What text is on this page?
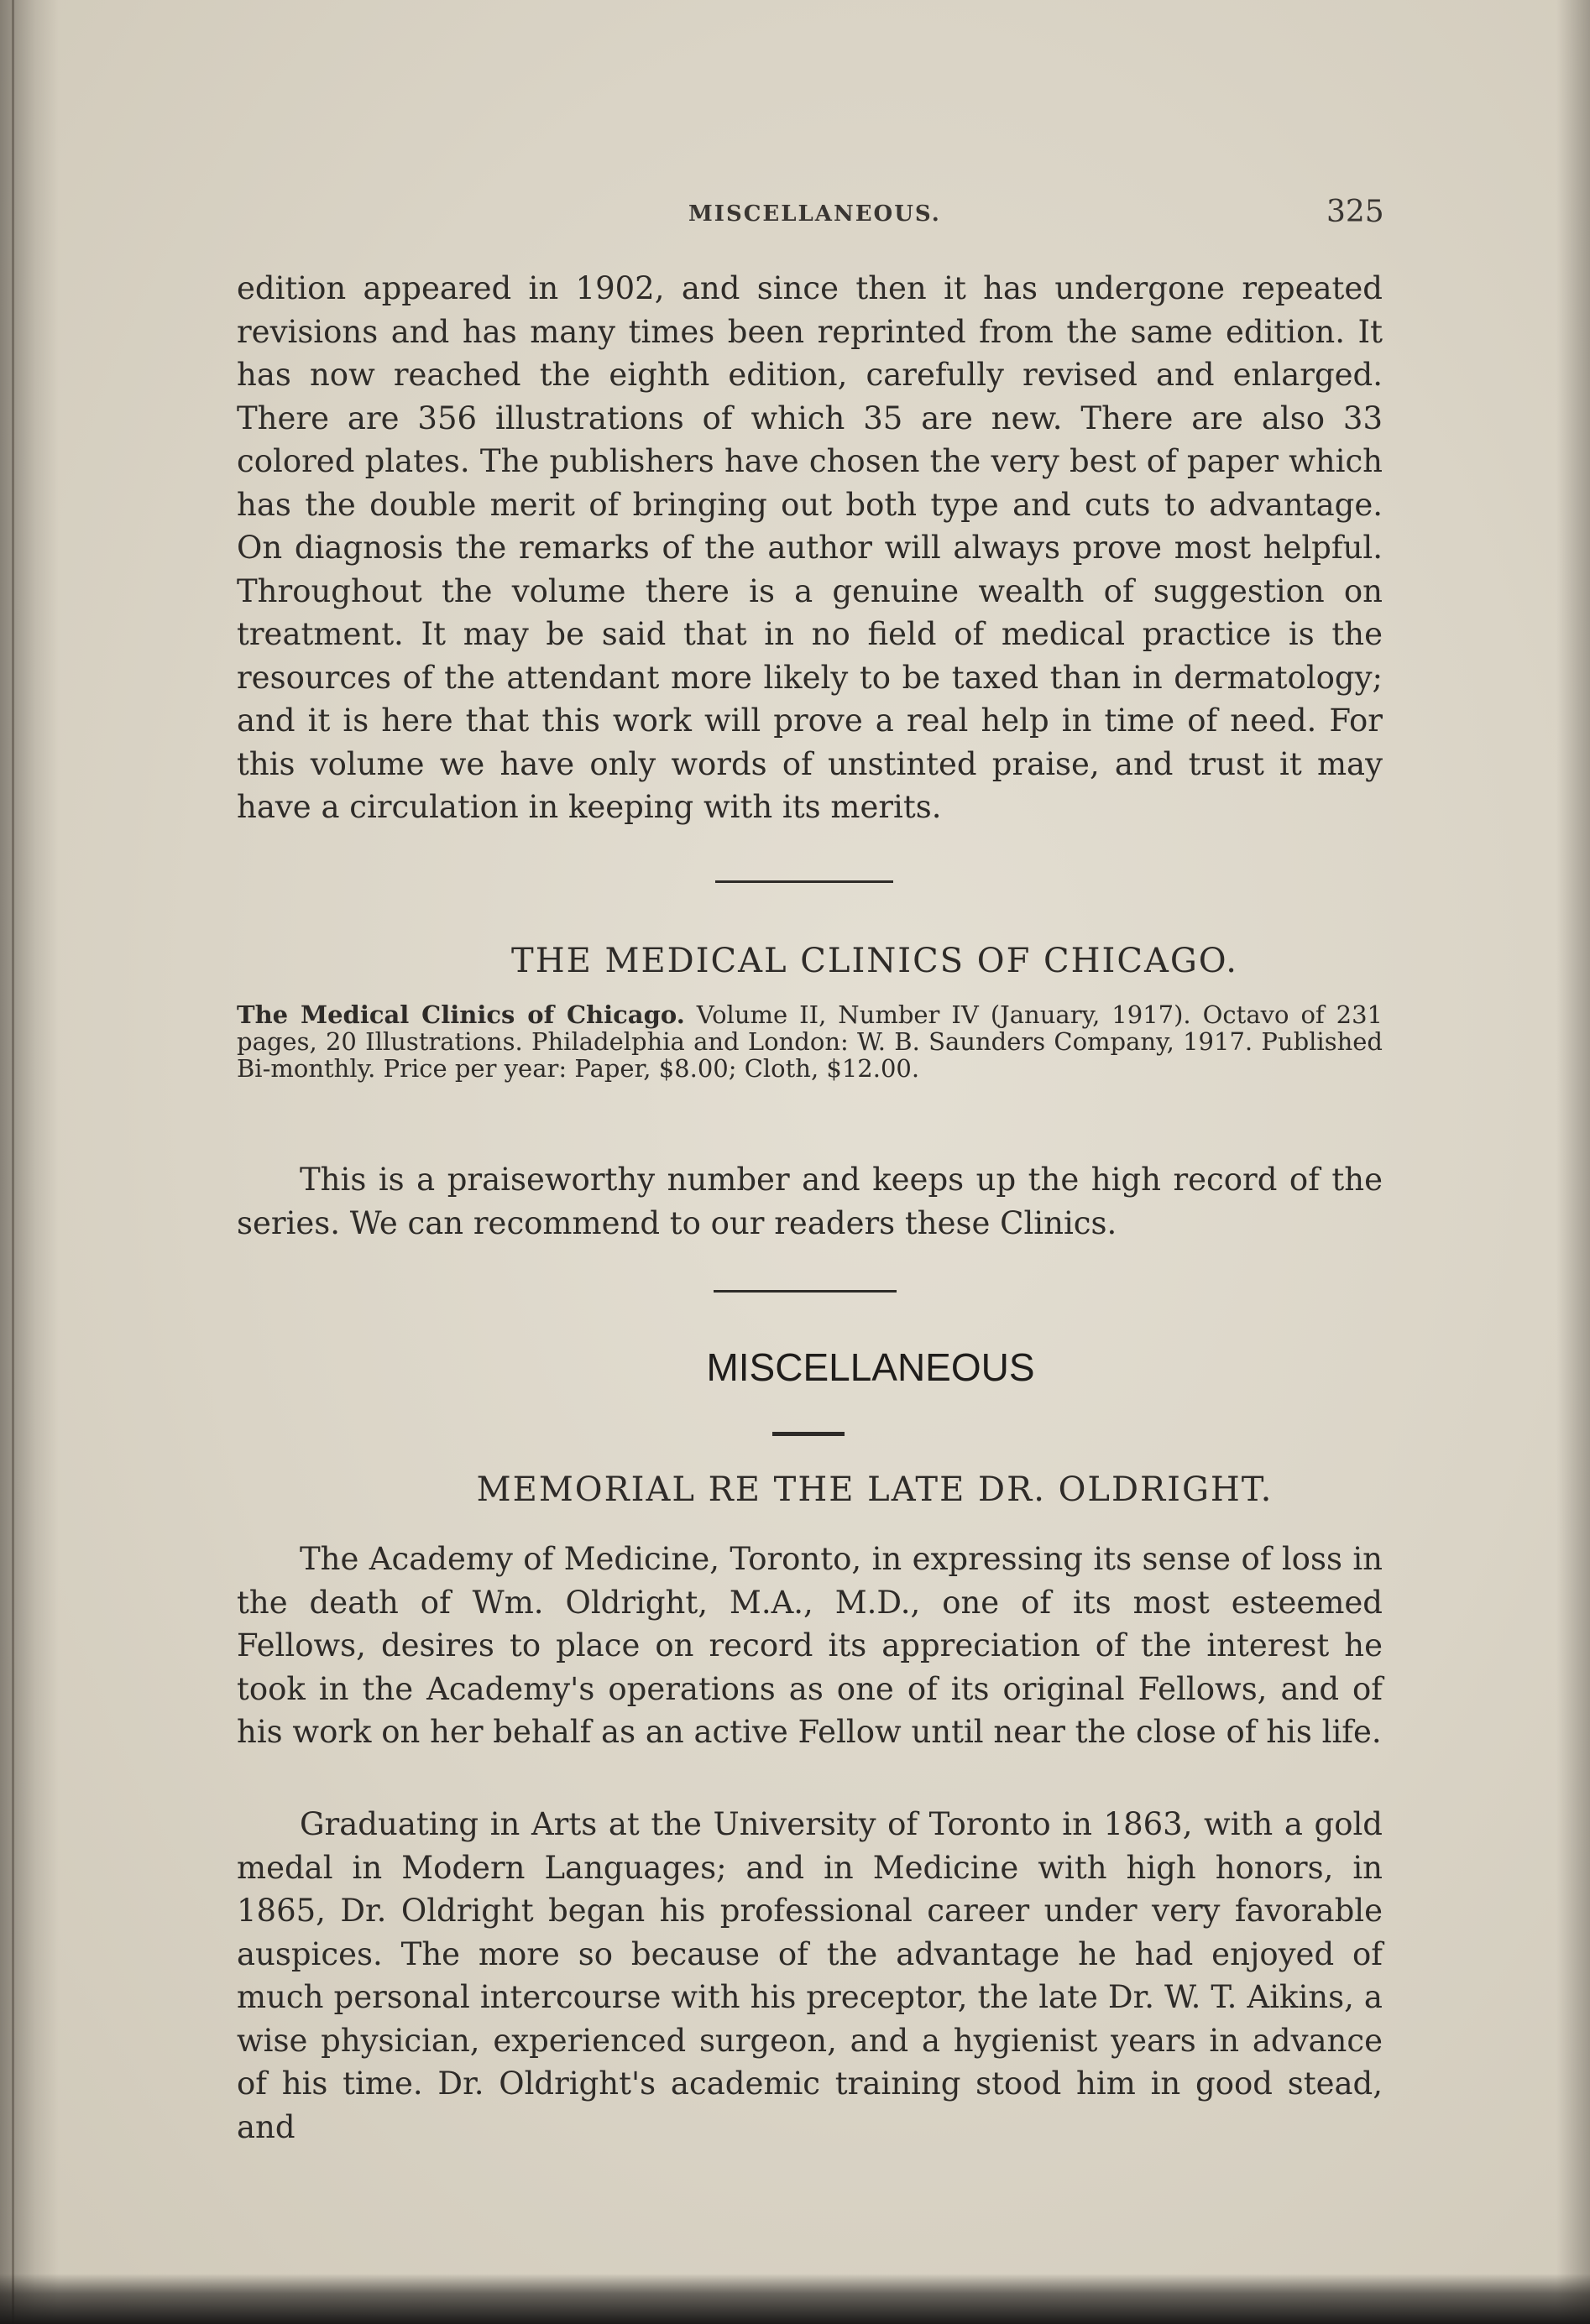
MISCELLANEOUS.	325

edition appeared in 1902, and since then it has undergone repeated revisions and has many times been reprinted from the same edition. It has now reached the eighth edition, carefully revised and enlarged. There are 356 illustrations of which 35 are new. There are also 33 colored plates. The publishers have chosen the very best of paper which has the double merit of bringing out both type and cuts to advantage. On diagnosis the remarks of the author will always prove most helpful. Throughout the volume there is a genuine wealth of suggestion on treatment. It may be said that in no field of medical practice is the resources of the attendant more likely to be taxed than in dermatology; and it is here that this work will prove a real help in time of need. For this volume we have only words of unstinted praise, and trust it may have a circulation in keeping with its merits.

THE MEDICAL CLINICS OF CHICAGO.

The Medical Clinics of Chicago. Volume II, Number IV (January, 1917). Octavo of 231 pages, 20 Illustrations. Philadelphia and London: W. B. Saunders Company, 1917. Published Bi-monthly. Price per year: Paper, $8.00; Cloth, $12.00.

This is a praiseworthy number and keeps up the high record of the series. We can recommend to our readers these Clinics.

MISCELLANEOUS
MEMORIAL RE THE LATE DR. OLDRIGHT.

The Academy of Medicine, Toronto, in expressing its sense of loss in the death of Wm. Oldright, M.A., M.D., one of its most esteemed Fellows, desires to place on record its appreciation of the interest he took in the Academy's operations as one of its original Fellows, and of his work on her behalf as an active Fellow until near the close of his life.

Graduating in Arts at the University of Toronto in 1863, with a gold medal in Modern Languages; and in Medicine with high honors, in 1865, Dr. Oldright began his professional career under very favorable auspices. The more so because of the advantage he had enjoyed of much personal intercourse with his preceptor, the late Dr. W. T. Aikins, a wise physician, experienced surgeon, and a hygienist years in advance of his time. Dr. Oldright's academic training stood him in good stead, and
